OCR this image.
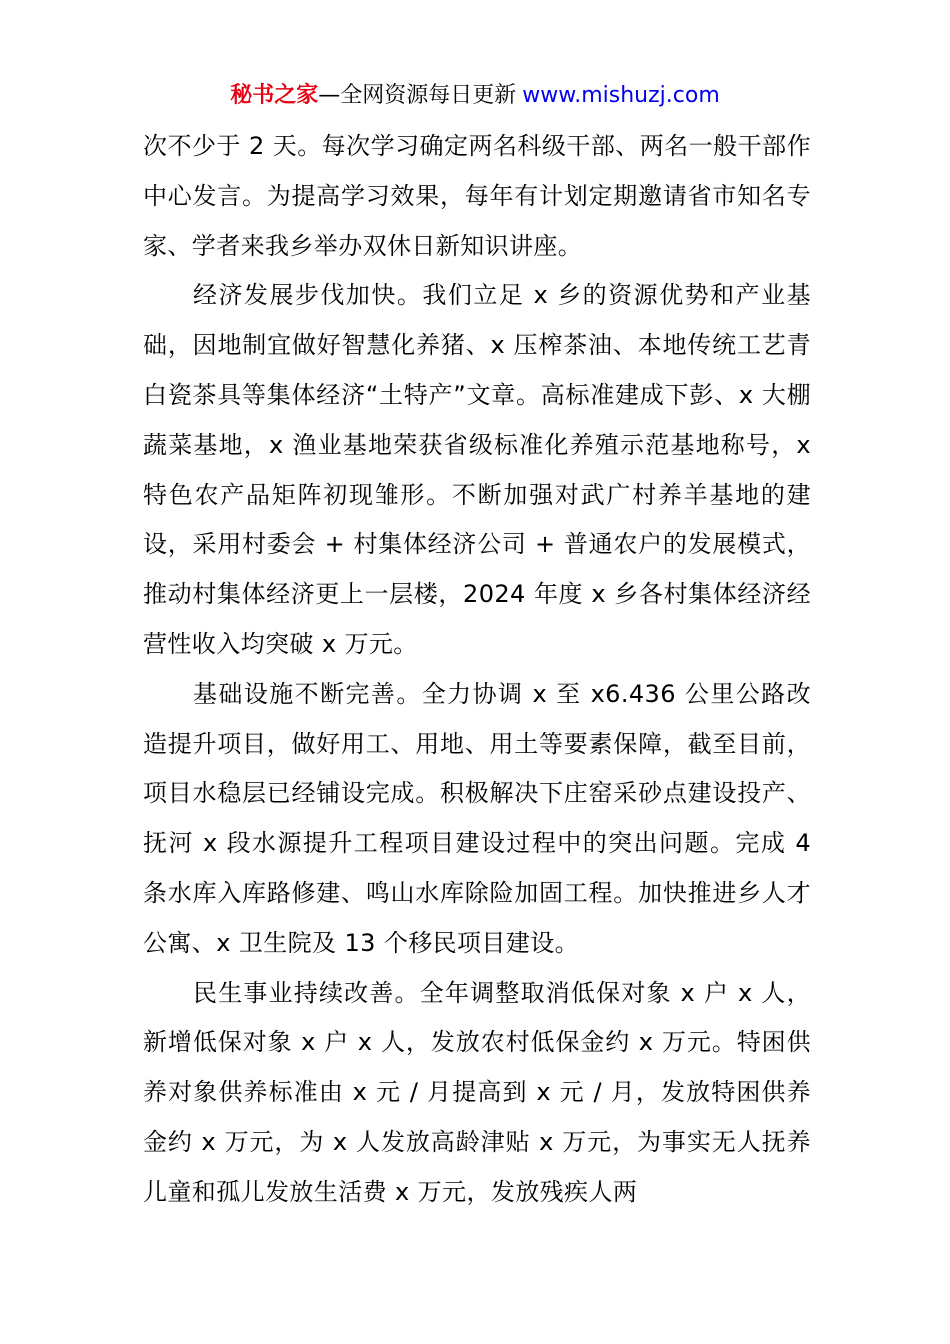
秘书之家—全网资源每日更新 www.mishuzj.com

次不少于 2 天。每次学习确定两名科级干部、两名一般干部作中心发言。为提高学习效果，每年有计划定期邀请省市知名专家、学者来我乡举办双休日新知识讲座。

经济发展步伐加快。我们立足 x 乡的资源优势和产业基础，因地制宜做好智慧化养猪、x 压榨茶油、本地传统工艺青白瓷茶具等集体经济“土特产”文章。高标准建成下彭、x 大棚蔬菜基地，x 渔业基地荣获省级标准化养殖示范基地称号，x 特色农产品矩阵初现雏形。不断加强对武广村养羊基地的建设，采用村委会 + 村集体经济公司 + 普通农户的发展模式，推动村集体经济更上一层楼，2024 年度 x 乡各村集体经济经营性收入均突破 x 万元。

基础设施不断完善。全力协调 x 至 x6.436 公里公路改造提升项目，做好用工、用地、用土等要素保障，截至目前，项目水稳层已经铺设完成。积极解决下庄窑采砂点建设投产、抚河 x 段水源提升工程项目建设过程中的突出问题。完成 4 条水库入库路修建、鸣山水库除险加固工程。加快推进乡人才公寓、x 卫生院及 13 个移民项目建设。

民生事业持续改善。全年调整取消低保对象 x 户 x 人，新增低保对象 x 户 x 人，发放农村低保金约 x 万元。特困供养对象供养标准由 x 元 / 月提高到 x 元 / 月，发放特困供养金约 x 万元，为 x 人发放高龄津贴 x 万元，为事实无人抚养儿童和孤儿发放生活费 x 万元，发放残疾人两
